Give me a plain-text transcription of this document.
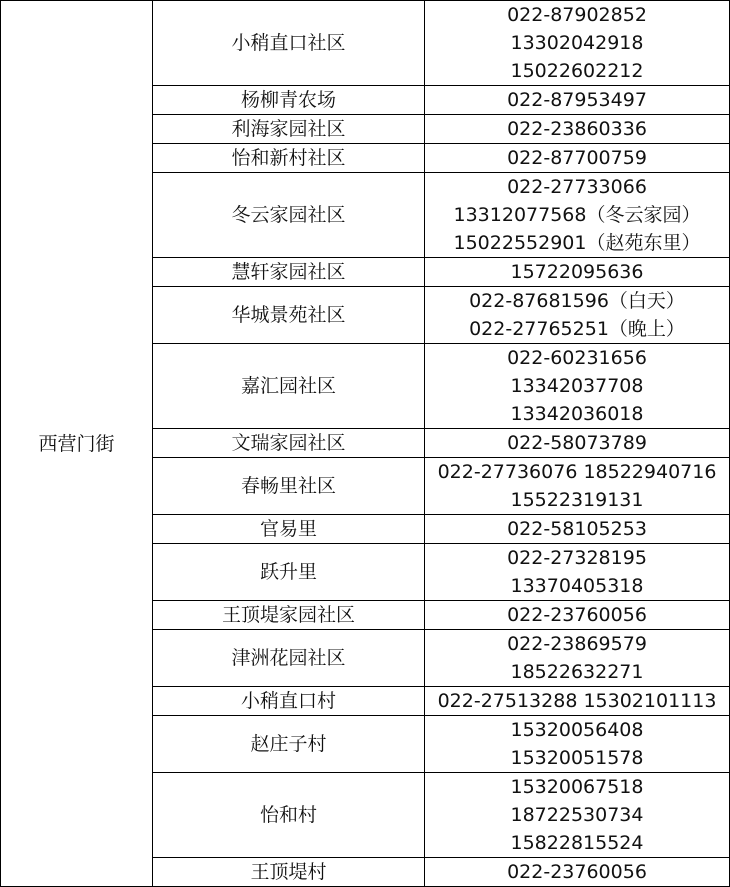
西营门街	小稍直口社区	022-87902852
13302042918
15022602212

	杨柳青农场	022-87953497

	利海家园社区	022-23860336

	怡和新村社区	022-87700759

	冬云家园社区	022-27733066
13312077568（冬云家园）
15022552901（赵苑东里）

	慧轩家园社区	15722095636

	华城景苑社区	022-87681596（白天）
022-27765251（晚上）

	嘉汇园社区	022-60231656
13342037708
13342036018

	文瑞家园社区	022-58073789

	春畅里社区	022-27736076 18522940716
15522319131

	官易里	022-58105253

	跃升里	022-27328195
13370405318

	王顶堤家园社区	022-23760056

	津洲花园社区	022-23869579
18522632271

	小稍直口村	022-27513288 15302101113

	赵庄子村	15320056408
15320051578

	怡和村	15320067518
18722530734
15822815524

	王顶堤村	022-23760056
